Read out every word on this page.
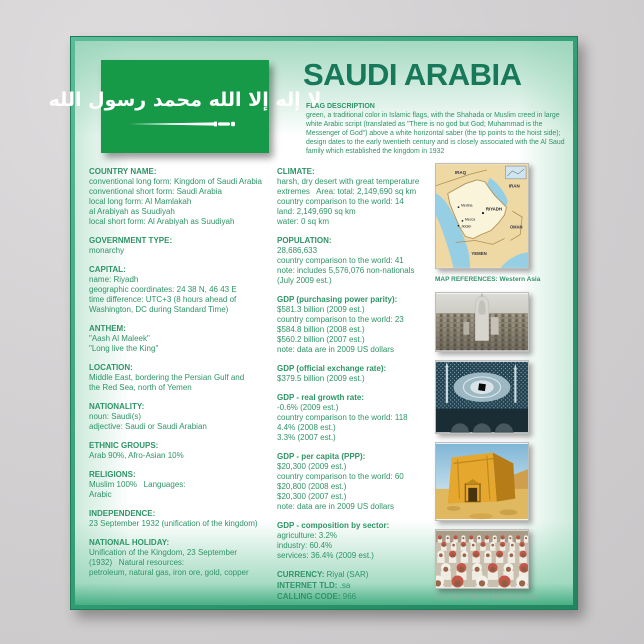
لا إله إلا الله محمد رسول الله
SAUDI ARABIA
FLAG DESCRIPTION
green, a traditional color in Islamic flags, with the Shahada or Muslim creed in large white Arabic script (translated as "There is no god but God; Muhammad is the Messenger of God") above a white horizontal saber (the tip points to the hoist side); design dates to the early twentieth century and is closely associated with the Al Saud family which established the kingdom in 1932
COUNTRY NAME:
conventional long form: Kingdom of Saudi Arabia
conventional short form: Saudi Arabia
local long form: Al Mamlakah
al Arabiyah as Suudiyah
local short form: Al Arabiyah as Suudiyah
GOVERNMENT TYPE:
monarchy
CAPITAL:
name: Riyadh
geographic coordinates: 24 38 N, 46 43 E
time difference: UTC+3 (8 hours ahead of
Washington, DC during Standard Time)
ANTHEM:
"Aash Al Maleek"
"Long live the King"
LOCATION:
Middle East, bordering the Persian Gulf and
the Red Sea, north of Yemen
NATIONALITY:
noun: Saudi(s)
adjective: Saudi or Saudi Arabian
ETHNIC GROUPS:
Arab 90%, Afro-Asian 10%
RELIGIONS:
Muslim 100%   Languages:
Arabic
INDEPENDENCE:
23 September 1932 (unification of the kingdom)
NATIONAL HOLIDAY:
Unification of the Kingdom, 23 September
(1932)   Natural resources:
petroleum, natural gas, iron ore, gold, copper
CLIMATE:
harsh, dry desert with great temperature
extremes   Area: total: 2,149,690 sq km
country comparison to the world: 14
land: 2,149,690 sq km
water: 0 sq km
POPULATION:
28,686,633
country comparison to the world: 41
note: includes 5,576,076 non-nationals
(July 2009 est.)
GDP (purchasing power parity):
$581.3 billion (2009 est.)
country comparison to the world: 23
$584.8 billion (2008 est.)
$560.2 billion (2007 est.)
note: data are in 2009 US dollars
GDP (official exchange rate):
$379.5 billion (2009 est.)
GDP - real growth rate:
-0.6% (2009 est.)
country comparison to the world: 118
4.4% (2008 est.)
3.3% (2007 est.)
GDP - per capita (PPP):
$20,300 (2009 est.)
country comparison to the world: 60
$20,800 (2008 est.)
$20,300 (2007 est.)
note: data are in 2009 US dollars
GDP - composition by sector:
agriculture: 3.2%
industry: 60.4%
services: 36.4% (2009 est.)
CURRENCY: Riyal (SAR)
INTERNET TLD: .sa
CALLING CODE: 966
IRAQ
IRAN
RIYADH
YEMEN
OMAN
Medina
Mecca
Jiddah
MAP REFERENCES: Western Asia
Copyright © 2010 by ChoicePrints.com
